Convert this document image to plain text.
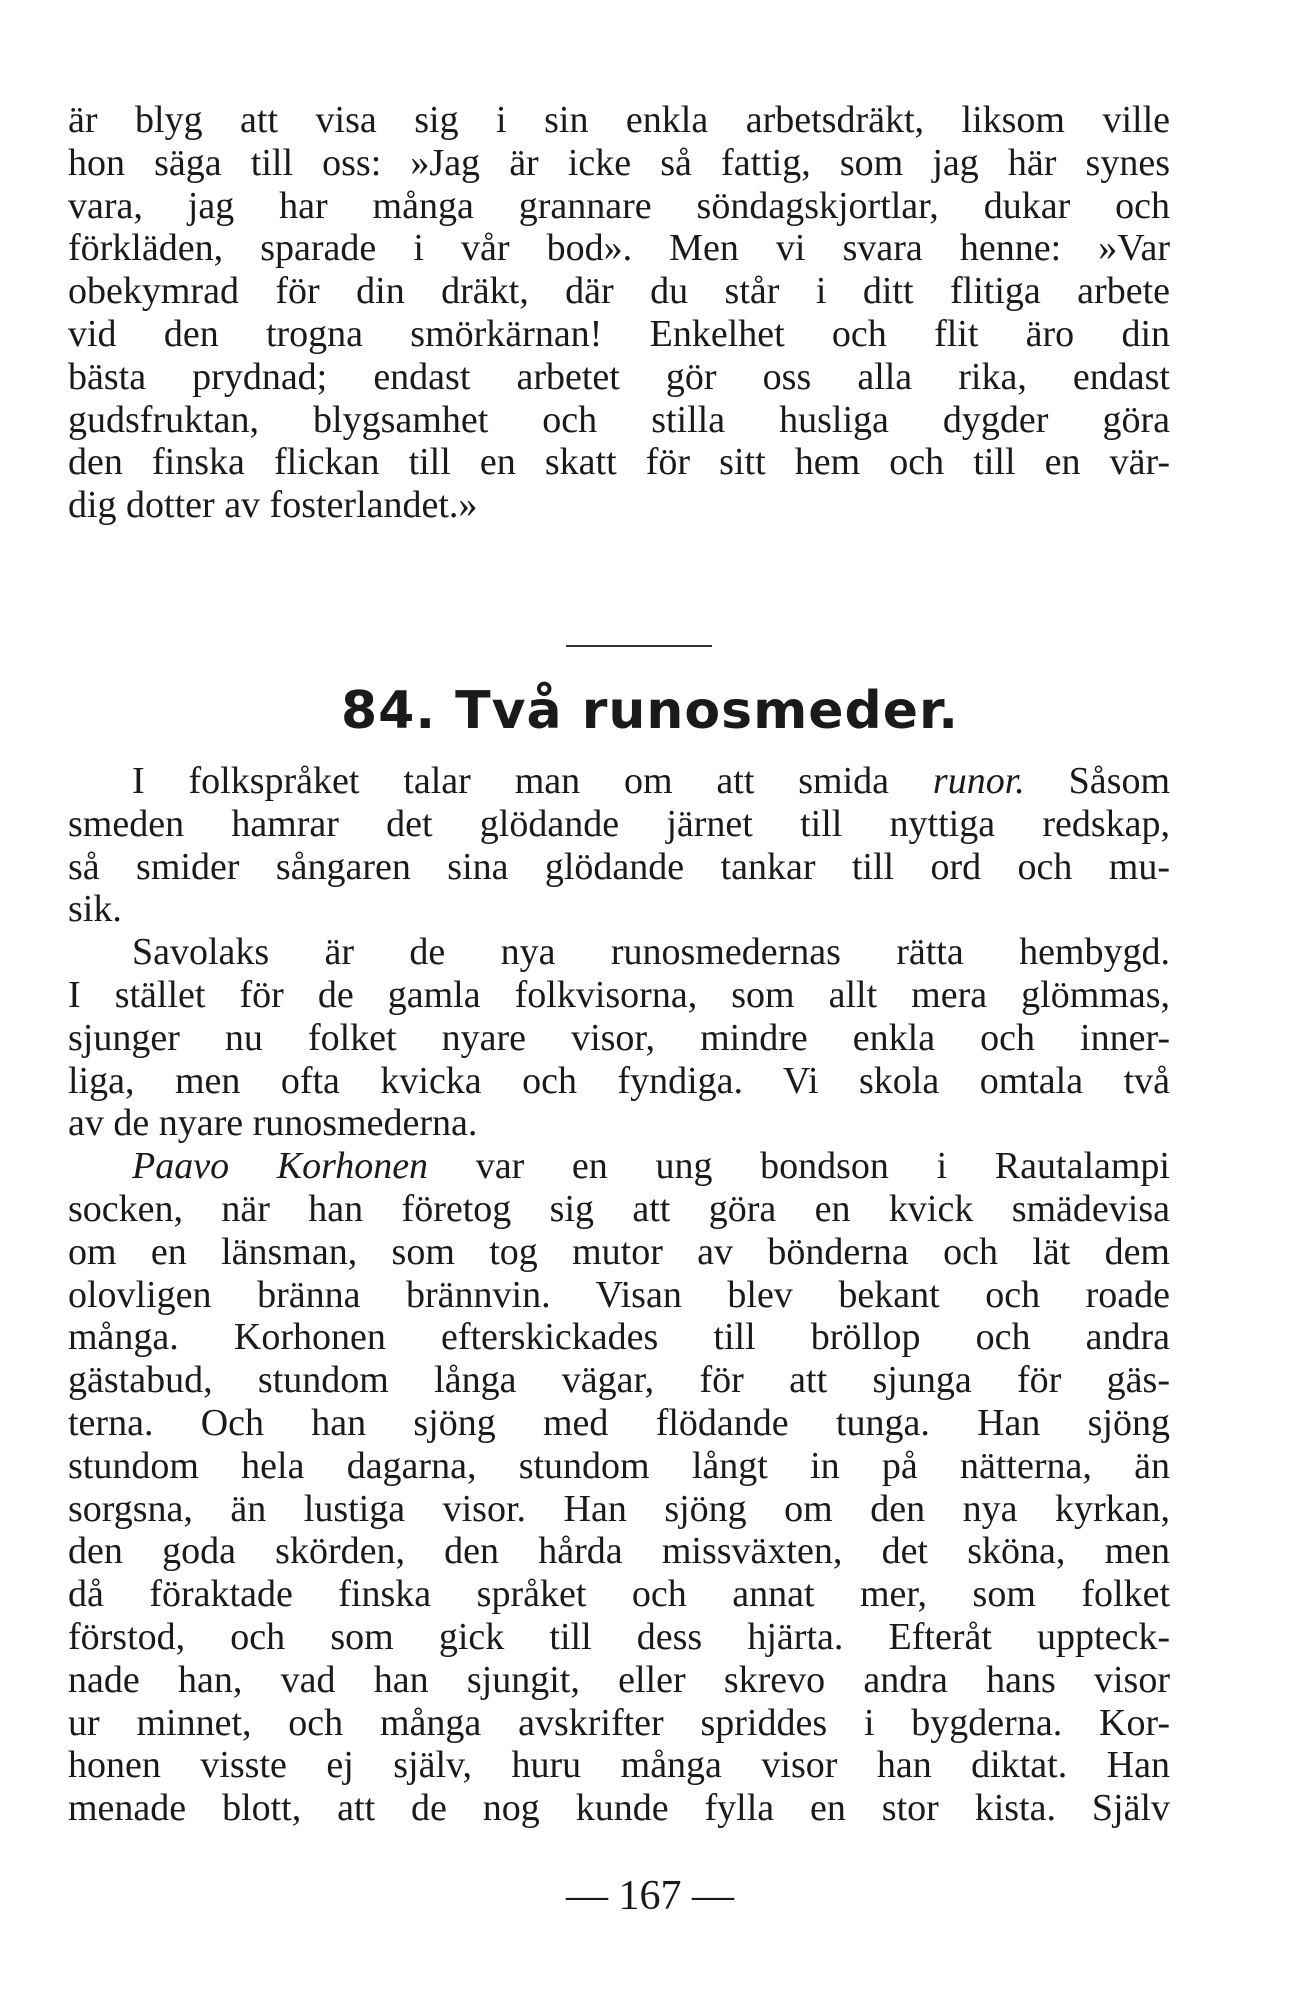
är blyg att visa sig i sin enkla arbetsdräkt, liksom ville
hon säga till oss: »Jag är icke så fattig, som jag här synes
vara, jag har många grannare söndagskjortlar, dukar och
förkläden, sparade i vår bod». Men vi svara henne: »Var
obekymrad för din dräkt, där du står i ditt flitiga arbete
vid den trogna smörkärnan! Enkelhet och flit äro din
bästa prydnad; endast arbetet gör oss alla rika, endast
gudsfruktan, blygsamhet och stilla husliga dygder göra
den finska flickan till en skatt för sitt hem och till en vär-
dig dotter av fosterlandet.»
84. Två runosmeder.
I folkspråket talar man om att smida runor. Såsom
smeden hamrar det glödande järnet till nyttiga redskap,
så smider sångaren sina glödande tankar till ord och mu-
sik.
Savolaks är de nya runosmedernas rätta hembygd.
I stället för de gamla folkvisorna, som allt mera glömmas,
sjunger nu folket nyare visor, mindre enkla och inner-
liga, men ofta kvicka och fyndiga. Vi skola omtala två
av de nyare runosmederna.
Paavo Korhonen var en ung bondson i Rautalampi
socken, när han företog sig att göra en kvick smädevisa
om en länsman, som tog mutor av bönderna och lät dem
olovligen bränna brännvin. Visan blev bekant och roade
många. Korhonen efterskickades till bröllop och andra
gästabud, stundom långa vägar, för att sjunga för gäs-
terna. Och han sjöng med flödande tunga. Han sjöng
stundom hela dagarna, stundom långt in på nätterna, än
sorgsna, än lustiga visor. Han sjöng om den nya kyrkan,
den goda skörden, den hårda missväxten, det sköna, men
då föraktade finska språket och annat mer, som folket
förstod, och som gick till dess hjärta. Efteråt uppteck-
nade han, vad han sjungit, eller skrevo andra hans visor
ur minnet, och många avskrifter spriddes i bygderna. Kor-
honen visste ej själv, huru många visor han diktat. Han
menade blott, att de nog kunde fylla en stor kista. Själv
— 167 —
